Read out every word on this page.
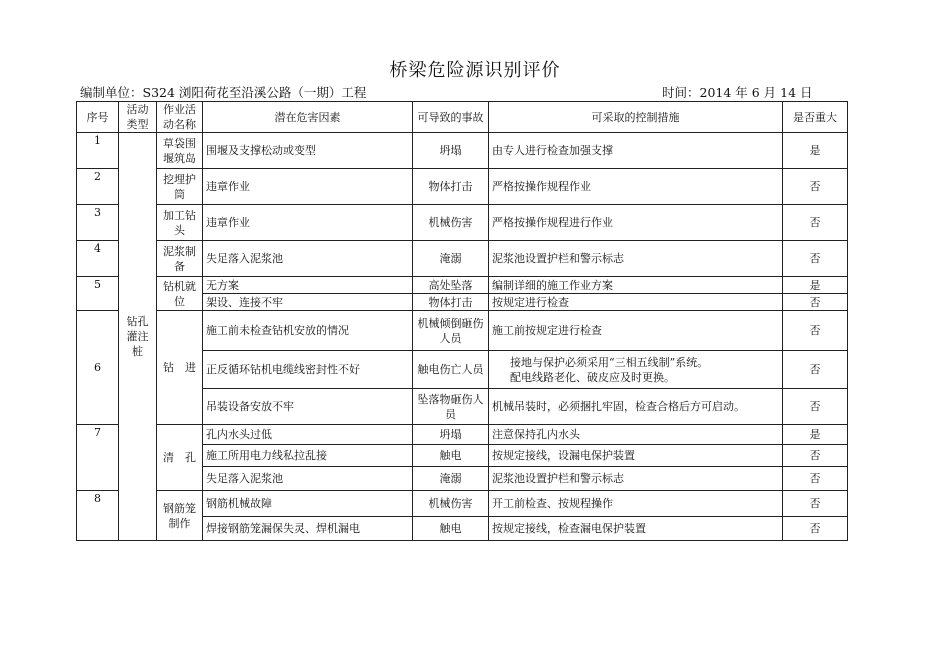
桥梁危险源识别评价
编制单位：S324 浏阳荷花至沿溪公路（一期）工程	时间：2014 年 6 月 14 日
序号	活动类型	作业活动名称	潜在危害因素	可导致的事故	可采取的控制措施	是否重大
1	钻孔灌注桩	草袋围堰筑岛	围堰及支撑松动或变型	坍塌	由专人进行检查加强支撑	是
2		挖埋护筒	违章作业	物体打击	严格按操作规程作业	否
3		加工钻头	违章作业	机械伤害	严格按操作规程进行作业	否
4		泥浆制备	失足落入泥浆池	淹溺	泥浆池设置护栏和警示标志	否
5		钻机就位	无方案	高处坠落	编制详细的施工作业方案	是
			架设、连接不牢	物体打击	按规定进行检查	否
6		钻　进	施工前未检查钻机安放的情况	机械倾倒砸伤人员	施工前按规定进行检查	否
			正反循环钻机电缆线密封性不好	触电伤亡人员	接地与保护必须采用“三相五线制”系统。
配电线路老化、破皮应及时更换。	否
			吊装设备安放不牢	坠落物砸伤人员	机械吊装时，必须捆扎牢固，检查合格后方可启动。	否
7		清　孔	孔内水头过低	坍塌	注意保持孔内水头	是
			施工所用电力线私拉乱接	触电	按规定接线，设漏电保护装置	否
			失足落入泥浆池	淹溺	泥浆池设置护栏和警示标志	否
8		钢筋笼制作	钢筋机械故障	机械伤害	开工前检查、按规程操作	否
			焊接钢筋笼漏保失灵、焊机漏电	触电	按规定接线，检查漏电保护装置	否
